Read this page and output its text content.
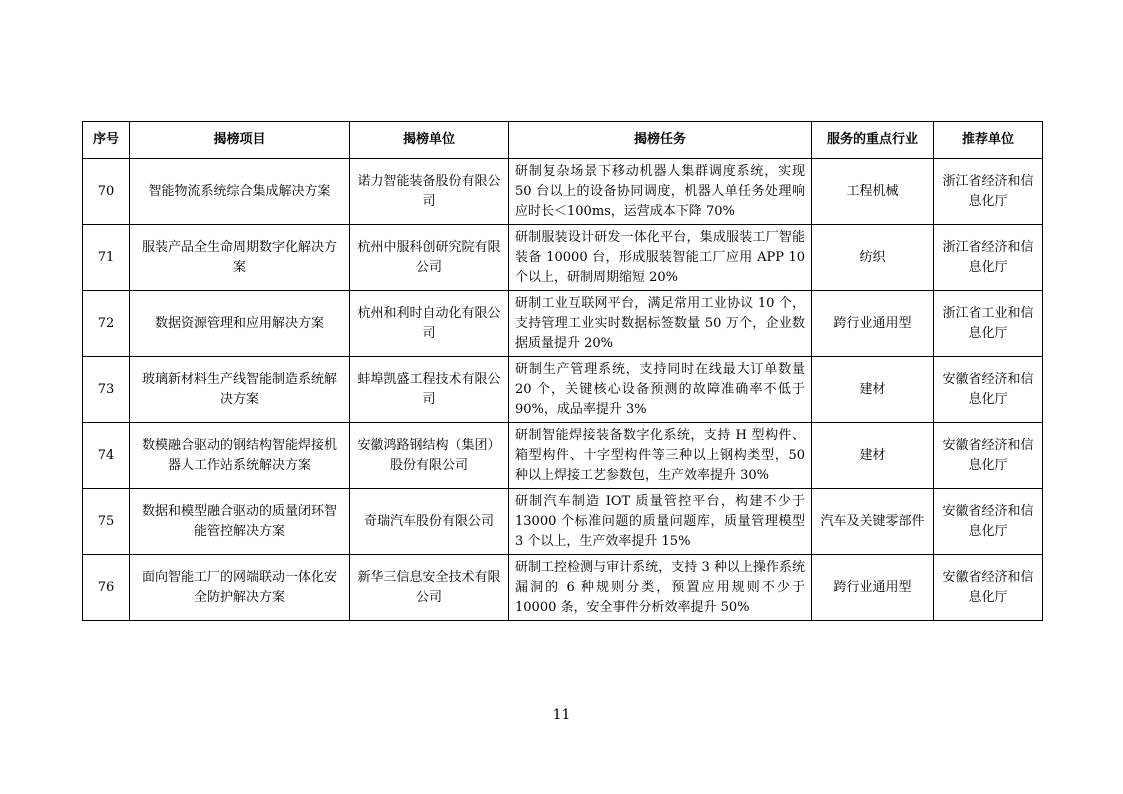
序号	揭榜项目	揭榜单位	揭榜任务	服务的重点行业	推荐单位
70	智能物流系统综合集成解决方案	诺力智能装备股份有限公司	研制复杂场景下移动机器人集群调度系统，实现 50 台以上的设备协同调度，机器人单任务处理响应时长＜100ms，运营成本下降 70%	工程机械	浙江省经济和信息化厅
71	服装产品全生命周期数字化解决方案	杭州中服科创研究院有限公司	研制服装设计研发一体化平台，集成服装工厂智能装备 10000 台，形成服装智能工厂应用 APP 10 个以上，研制周期缩短 20%	纺织	浙江省经济和信息化厅
72	数据资源管理和应用解决方案	杭州和利时自动化有限公司	研制工业互联网平台，满足常用工业协议 10 个，支持管理工业实时数据标签数量 50 万个，企业数据质量提升 20%	跨行业通用型	浙江省工业和信息化厅
73	玻璃新材料生产线智能制造系统解决方案	蚌埠凯盛工程技术有限公司	研制生产管理系统，支持同时在线最大订单数量 20 个，关键核心设备预测的故障准确率不低于 90%，成品率提升 3%	建材	安徽省经济和信息化厅
74	数模融合驱动的钢结构智能焊接机器人工作站系统解决方案	安徽鸿路钢结构（集团）股份有限公司	研制智能焊接装备数字化系统，支持 H 型构件、箱型构件、十字型构件等三种以上钢构类型，50 种以上焊接工艺参数包，生产效率提升 30%	建材	安徽省经济和信息化厅
75	数据和模型融合驱动的质量闭环智能管控解决方案	奇瑞汽车股份有限公司	研制汽车制造 IOT 质量管控平台，构建不少于 13000 个标准问题的质量问题库，质量管理模型 3 个以上，生产效率提升 15%	汽车及关键零部件	安徽省经济和信息化厅
76	面向智能工厂的网端联动一体化安全防护解决方案	新华三信息安全技术有限公司	研制工控检测与审计系统，支持 3 种以上操作系统漏洞的 6 种规则分类，预置应用规则不少于 10000 条，安全事件分析效率提升 50%	跨行业通用型	安徽省经济和信息化厅
11
